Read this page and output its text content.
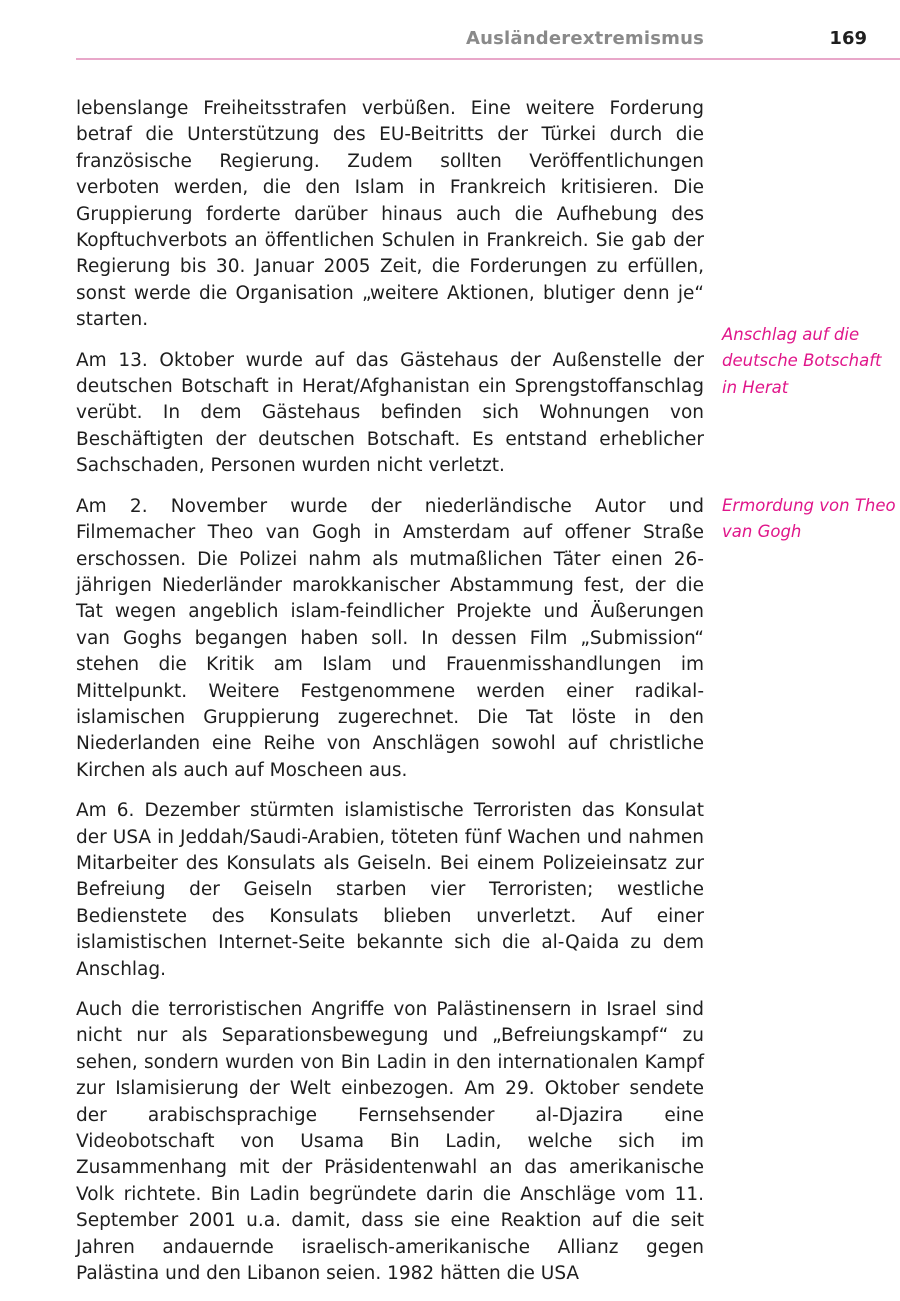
Ausländerextremismus	169

lebenslange Freiheitsstrafen verbüßen. Eine weitere Forderung betraf die Unterstützung des EU-Beitritts der Türkei durch die französische Regierung. Zudem sollten Veröffentlichungen verboten werden, die den Islam in Frankreich kritisieren. Die Gruppierung forderte darüber hinaus auch die Aufhebung des Kopftuchverbots an öffentlichen Schulen in Frankreich. Sie gab der Regierung bis 30. Januar 2005 Zeit, die Forderungen zu erfüllen, sonst werde die Organisation „weitere Aktionen, blutiger denn je“ starten.

Am 13. Oktober wurde auf das Gästehaus der Außenstelle der deutschen Botschaft in Herat/Afghanistan ein Sprengstoffanschlag verübt. In dem Gästehaus befinden sich Wohnungen von Beschäftigten der deutschen Botschaft. Es entstand erheblicher Sachschaden, Personen wurden nicht verletzt.

Am 2. November wurde der niederländische Autor und Filmemacher Theo van Gogh in Amsterdam auf offener Straße erschossen. Die Polizei nahm als mutmaßlichen Täter einen 26-jährigen Niederländer marokkanischer Abstammung fest, der die Tat wegen angeblich islam-feindlicher Projekte und Äußerungen van Goghs begangen haben soll. In dessen Film „Submission“ stehen die Kritik am Islam und Frauenmisshandlungen im Mittelpunkt. Weitere Festgenommene werden einer radikal-islamischen Gruppierung zugerechnet. Die Tat löste in den Niederlanden eine Reihe von Anschlägen sowohl auf christliche Kirchen als auch auf Moscheen aus.

Am 6. Dezember stürmten islamistische Terroristen das Konsulat der USA in Jeddah/Saudi-Arabien, töteten fünf Wachen und nahmen Mitarbeiter des Konsulats als Geiseln. Bei einem Polizeieinsatz zur Befreiung der Geiseln starben vier Terroristen; westliche Bedienstete des Konsulats blieben unverletzt. Auf einer islamistischen Internet-Seite bekannte sich die al-Qaida zu dem Anschlag.

Auch die terroristischen Angriffe von Palästinensern in Israel sind nicht nur als Separationsbewegung und „Befreiungskampf“ zu sehen, sondern wurden von Bin Ladin in den internationalen Kampf zur Islamisierung der Welt einbezogen. Am 29. Oktober sendete der arabischsprachige Fernsehsender al-Djazira eine Videobotschaft von Usama Bin Ladin, welche sich im Zusammenhang mit der Präsidentenwahl an das amerikanische Volk richtete. Bin Ladin begründete darin die Anschläge vom 11. September 2001 u.a. damit, dass sie eine Reaktion auf die seit Jahren andauernde israelisch-amerikanische Allianz gegen Palästina und den Libanon seien. 1982 hätten die USA

Anschlag auf die deutsche Botschaft in Herat
Ermordung von Theo van Gogh
